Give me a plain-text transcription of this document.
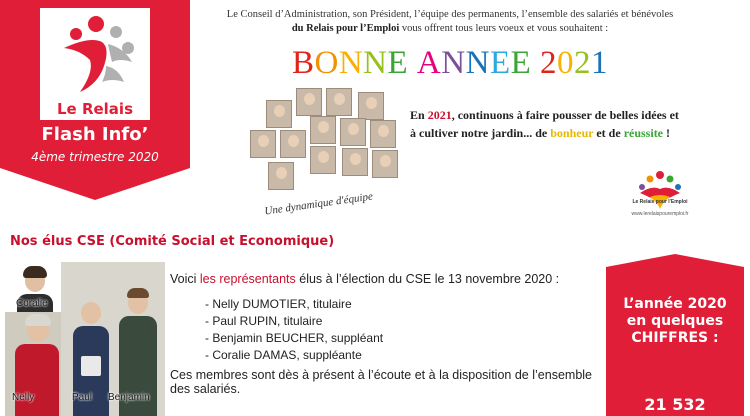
Le Relais
Flash Info’
4ème trimestre 2020
Le Conseil d’Administration, son Président, l’équipe des permanents, l’ensemble des salariés et bénévoles
du Relais pour l’Emploi vous offrent tous leurs voeux et vous souhaitent :
BONNE ANNEE 2021
Une dynamique d'équipe
En 2021, continuons à faire pousser de belles idées et à cultiver notre jardin... de bonheur et de réussite !
Le Relais pour l'Emploi
www.lerelaispouremploi.fr
Nos élus CSE (Comité Social et Economique)
Coralie
Nelly	Paul Benjamin
Voici les représentants élus à l’élection du CSE le 13 novembre 2020 :
- Nelly DUMOTIER, titulaire
- Paul RUPIN, titulaire
- Benjamin BEUCHER, suppléant
- Coralie DAMAS, suppléante
Ces membres sont dès à présent à l’écoute et à la disposition de l’ensemble des salariés.
L’année 2020
en quelques
CHIFFRES :
21 532
